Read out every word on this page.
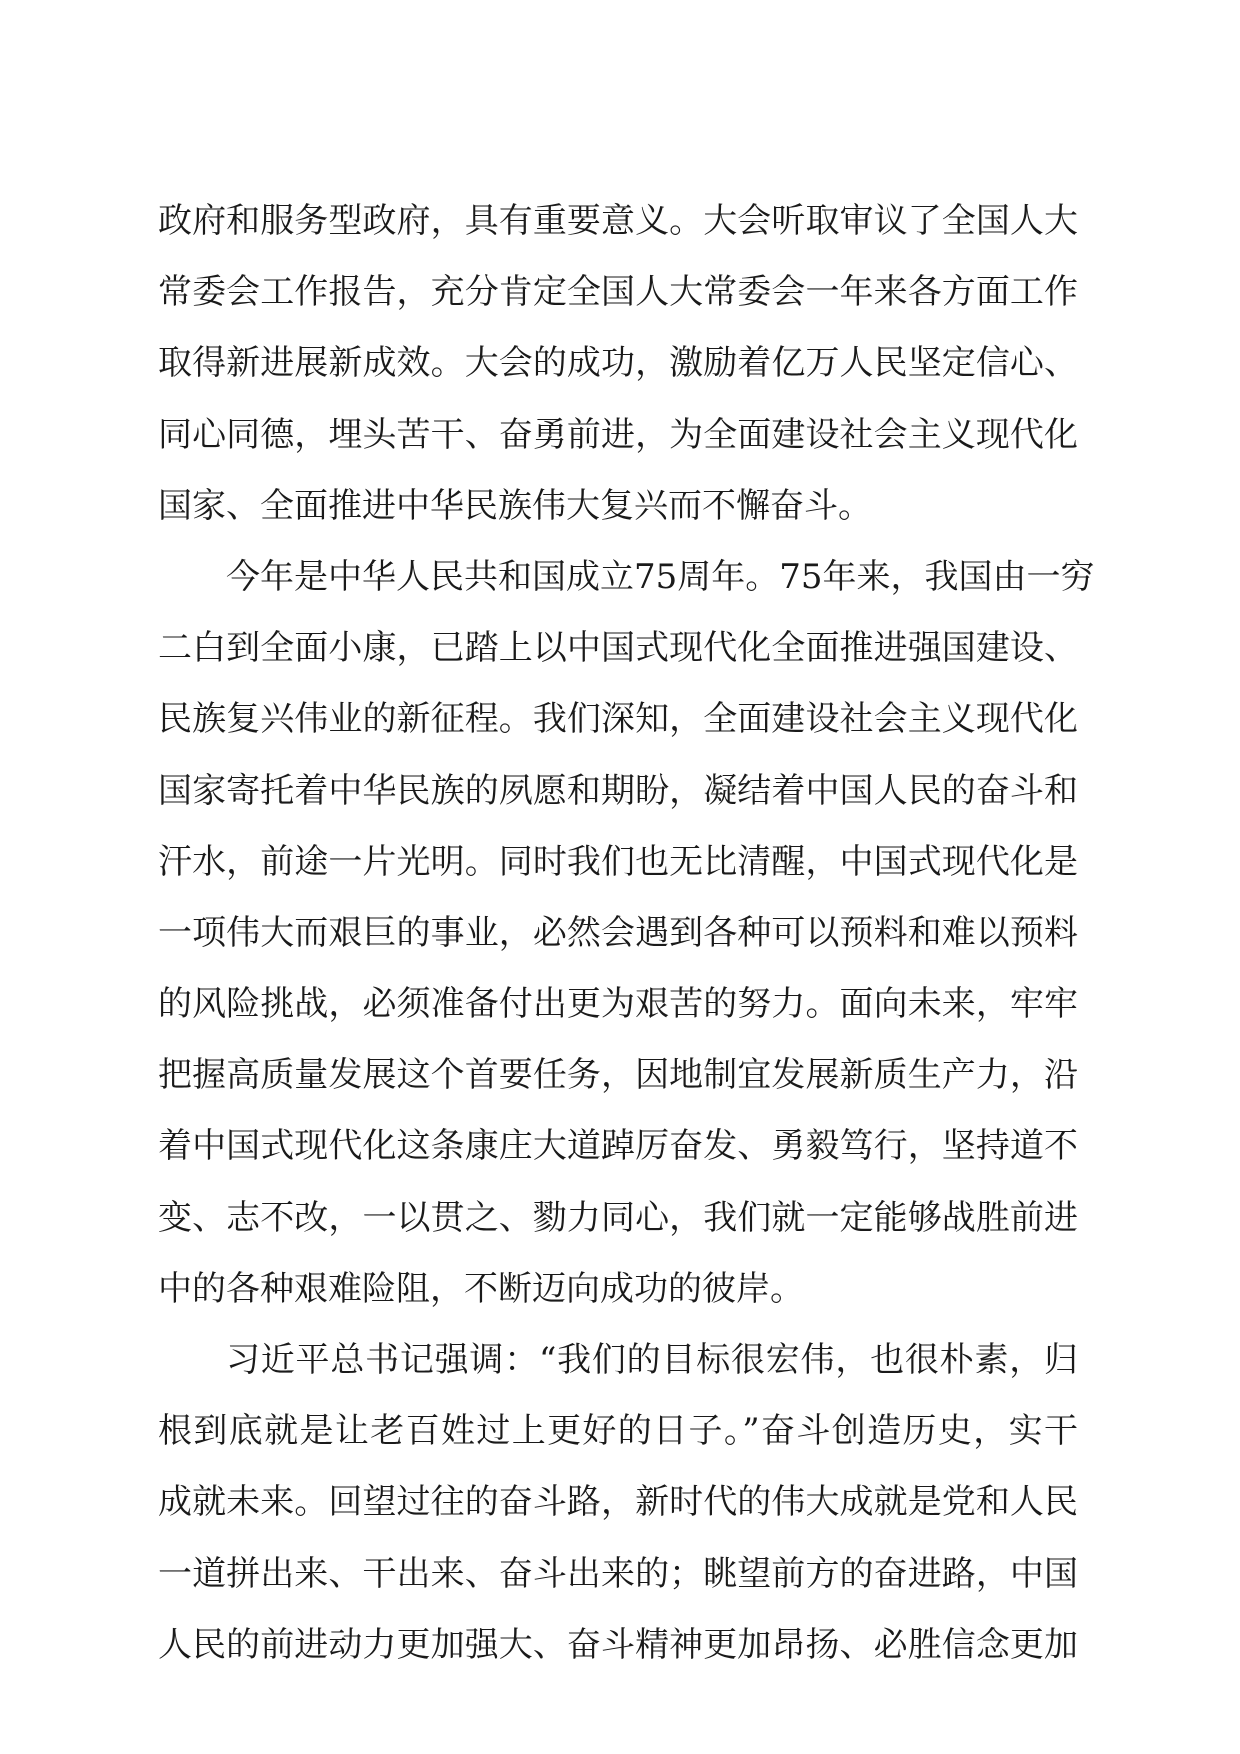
政府和服务型政府，具有重要意义。大会听取审议了全国人大
常委会工作报告，充分肯定全国人大常委会一年来各方面工作
取得新进展新成效。大会的成功，激励着亿万人民坚定信心、
同心同德，埋头苦干、奋勇前进，为全面建设社会主义现代化
国家、全面推进中华民族伟大复兴而不懈奋斗。
今年是中华人民共和国成立75周年。75年来，我国由一穷
二白到全面小康，已踏上以中国式现代化全面推进强国建设、
民族复兴伟业的新征程。我们深知，全面建设社会主义现代化
国家寄托着中华民族的夙愿和期盼，凝结着中国人民的奋斗和
汗水，前途一片光明。同时我们也无比清醒，中国式现代化是
一项伟大而艰巨的事业，必然会遇到各种可以预料和难以预料
的风险挑战，必须准备付出更为艰苦的努力。面向未来，牢牢
把握高质量发展这个首要任务，因地制宜发展新质生产力，沿
着中国式现代化这条康庄大道踔厉奋发、勇毅笃行，坚持道不
变、志不改，一以贯之、勠力同心，我们就一定能够战胜前进
中的各种艰难险阻，不断迈向成功的彼岸。
习近平总书记强调：“我们的目标很宏伟，也很朴素，归
根到底就是让老百姓过上更好的日子。”奋斗创造历史，实干
成就未来。回望过往的奋斗路，新时代的伟大成就是党和人民
一道拼出来、干出来、奋斗出来的；眺望前方的奋进路，中国
人民的前进动力更加强大、奋斗精神更加昂扬、必胜信念更加
